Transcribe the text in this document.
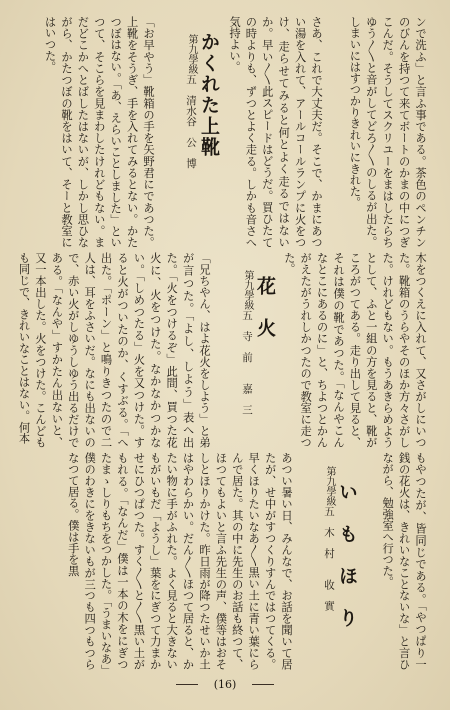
ンで洗ふ」と言ふ事である。茶色のペンチンのびんを持つて来てボートのかまの中につぎこんだ。そうしてスクリユーをまはしたらちゆう〳〵と音がしてどろ〳〵のしるが出た。しまいにはすつかりきれいにきれた。
さあ、これで大丈夫だ。そこで、かまにあつい湯を入れて、アールコールランプに火をつけ、走らせてみると何とよく走るではないか。早い〳〵此スピードはどうだ。買ひたての時よりも、ずつとよく走る。しかも音さへ気持よい。
かくれた上靴
第九學級五　清水谷　公　博
「お早やう」靴箱の手を矢野君にであつた。上靴をそうぎ、手を入れてみるとない。かたつぼはない。「あ、えらいことしました」といつて、そこらを見まわしたけれどもない。まだどこかへとばしたはないが、しかし思ひながら、かたつぼの靴をはいて、そーと教室にはいつた。
木をつくえに入れて、又さがしにいつた。靴箱のうらやそのほか方々さがした。けれどもない。もうあきらめようとして、ふと一組の方を見ると、靴がころがつてある。走り出して見ると、それは僕の靴であつた。「なんやこんなとこにあるのに」と、ちよつとかんがえたがうれしかつたので教室に走つた。
花　火
第九學級五　寺　前　　嘉　三
「兄ちやん、はよ花火をしよう」と弟が言つた。「よし、しよう」表へ出た。「火をつけるぞ」此間、買つた花火に、火をつけた。なかなかつかない。「しめつたる」火を又つけた。すると火がついたのか、くすぶる。「へ出た。「ポーン」と鳴りきつたので二人は、耳をふさいだ。なにも出ないので、赤い火がしゆうしゆう出るだけである。「なんや」すかたん出ないと、又一本出した。火をつけた。こんどもも同じで、きれいなことはない。何本
もやつたが、皆同じである。「やつぱり一銭の花火は、きれいなことないな」と言ひながら、勉強室へ行つた。
い　も　ほ　り
第九學級五　木　村　　收　實
あつい暑い日、みんなで、お話を聞いて居たが、せ中がすつくりすんではつてくる。早くほりたいなあ〳〵黒い土に青い葉にらんで居た。其の中に先生のお話も終つて、ほつてもよいと言ふ先生の声、僕等はおそしとほりかけた。昨日雨が降つたせいか土はやわらかい。だん〳〵ほつて居ると、かたい物に手がふれた。よく見ると大きないもがいもだ「ようし」葉をにぎつて力まかせにひつぱつた。すく〳〵と〳〵黒い土がもれる。「なんだ」僕は一本の木をにぎつたまゝしりもちをつかした。「うまいなあ」僕のわきにをきないもが三つも四つもつらなつて居る。僕は手を黒
(16)
